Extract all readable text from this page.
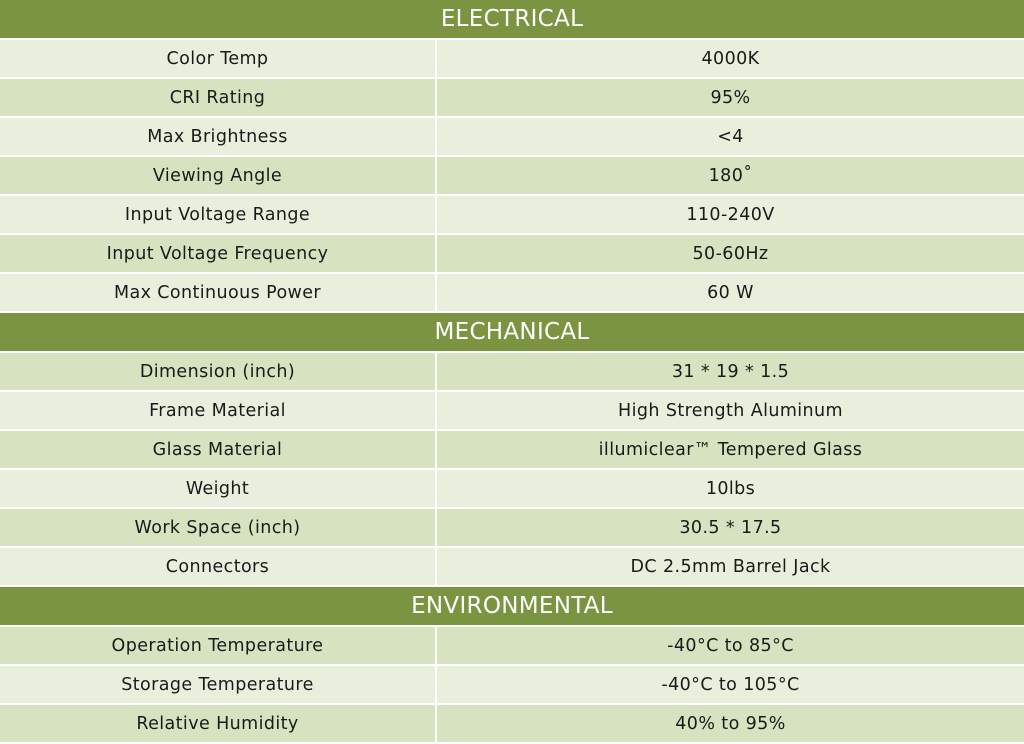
ELECTRICAL	
Color Temp	4000K
CRI Rating	95%
Max Brightness	<4
Viewing Angle	180˚
Input Voltage Range	110-240V
Input Voltage Frequency	50-60Hz
Max Continuous Power	60 W
MECHANICAL	
Dimension (inch)	31 * 19 * 1.5
Frame Material	High Strength Aluminum
Glass Material	illumiclear™ Tempered Glass
Weight	10lbs
Work Space (inch)	30.5 * 17.5
Connectors	DC 2.5mm Barrel Jack
ENVIRONMENTAL	
Operation Temperature	-40°C to 85°C
Storage Temperature	-40°C to 105°C
Relative Humidity	40% to 95%
